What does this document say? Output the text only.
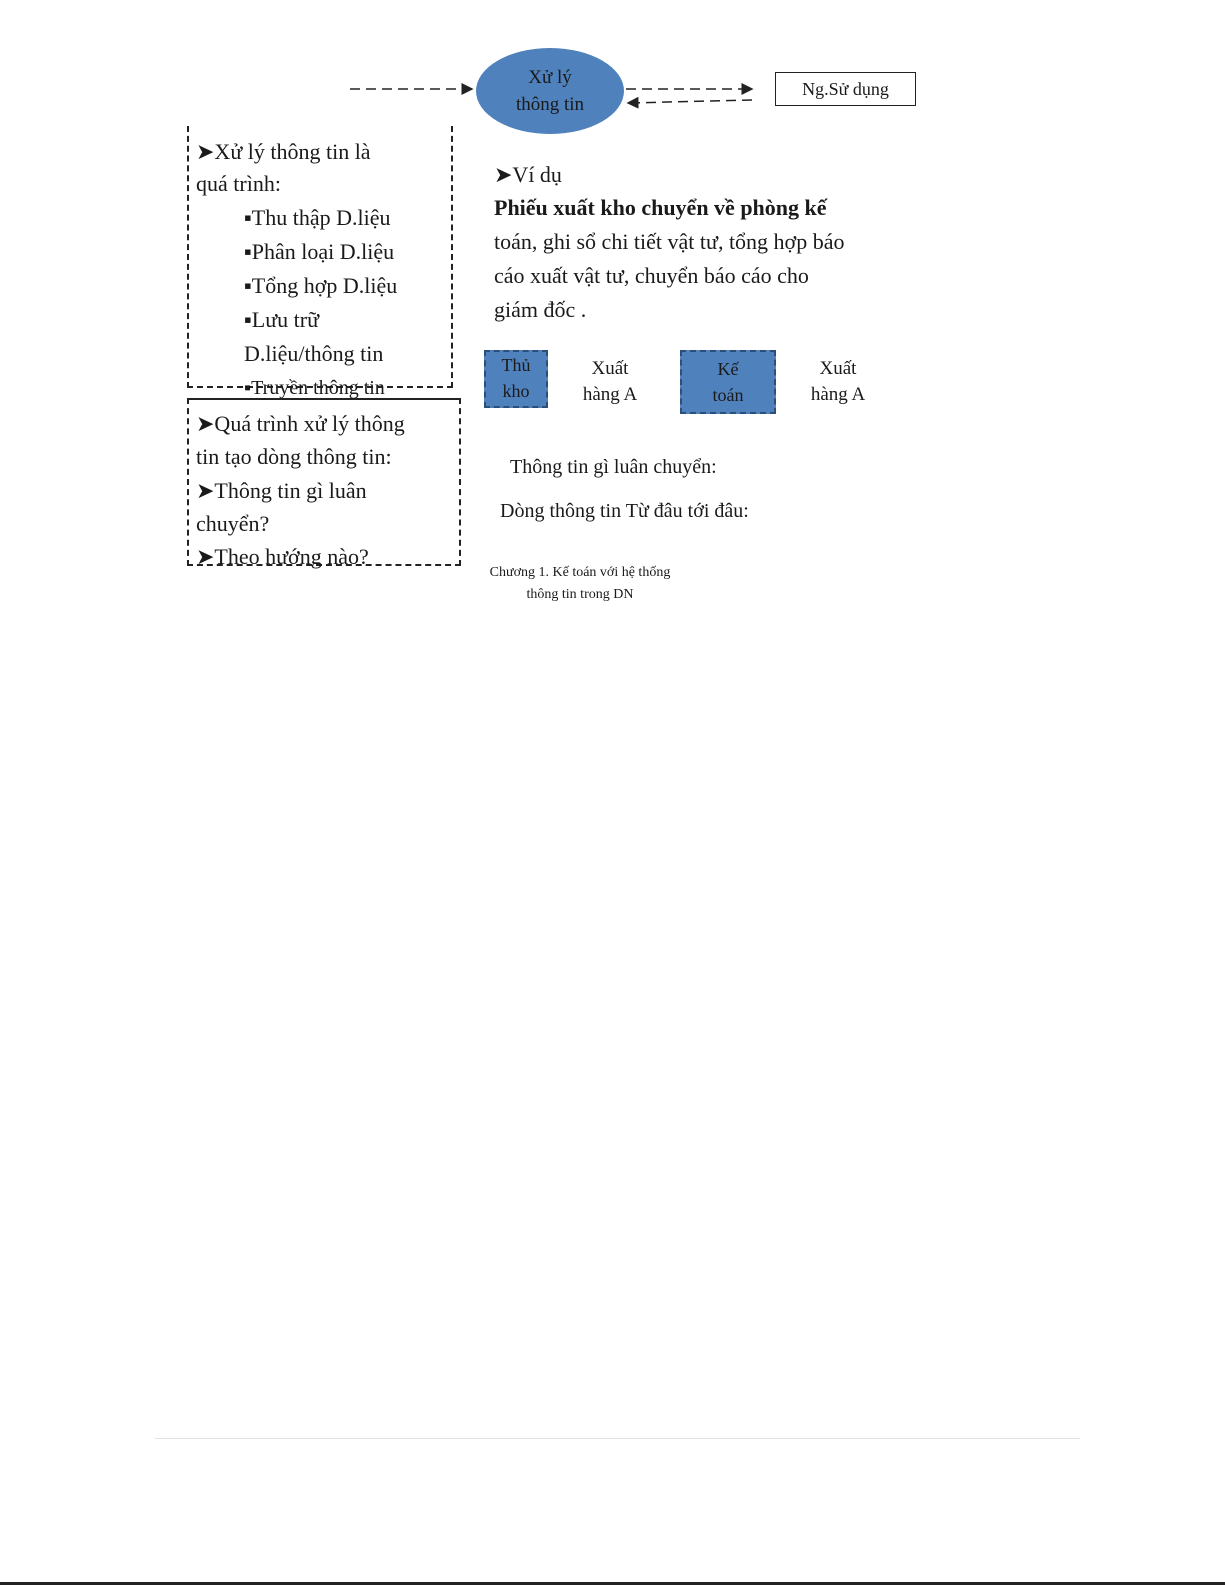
Xử lý
thông tin
Ng.Sử dụng
➤Xử lý thông tin là
quá trình:
▪Thu thập D.liệu
▪Phân loại D.liệu
▪Tổng hợp D.liệu
▪Lưu trữ
D.liệu/thông tin
▪Truyền thông tin
➤Quá trình xử lý thông
tin tạo dòng thông tin:
➤Thông tin gì luân
chuyển?
➤Theo hướng nào?
➤Ví dụ
Phiếu xuất kho chuyển về phòng kế
toán, ghi sổ chi tiết vật tư, tổng hợp báo
cáo xuất vật tư, chuyển báo cáo cho
giám đốc .
Thủ
kho
Xuất
hàng A
Kế
toán
Xuất
hàng A
Thông tin gì luân chuyển:
Dòng thông tin Từ đâu tới đâu:
Chương 1. Kế toán với hệ thống
thông tin trong DN
